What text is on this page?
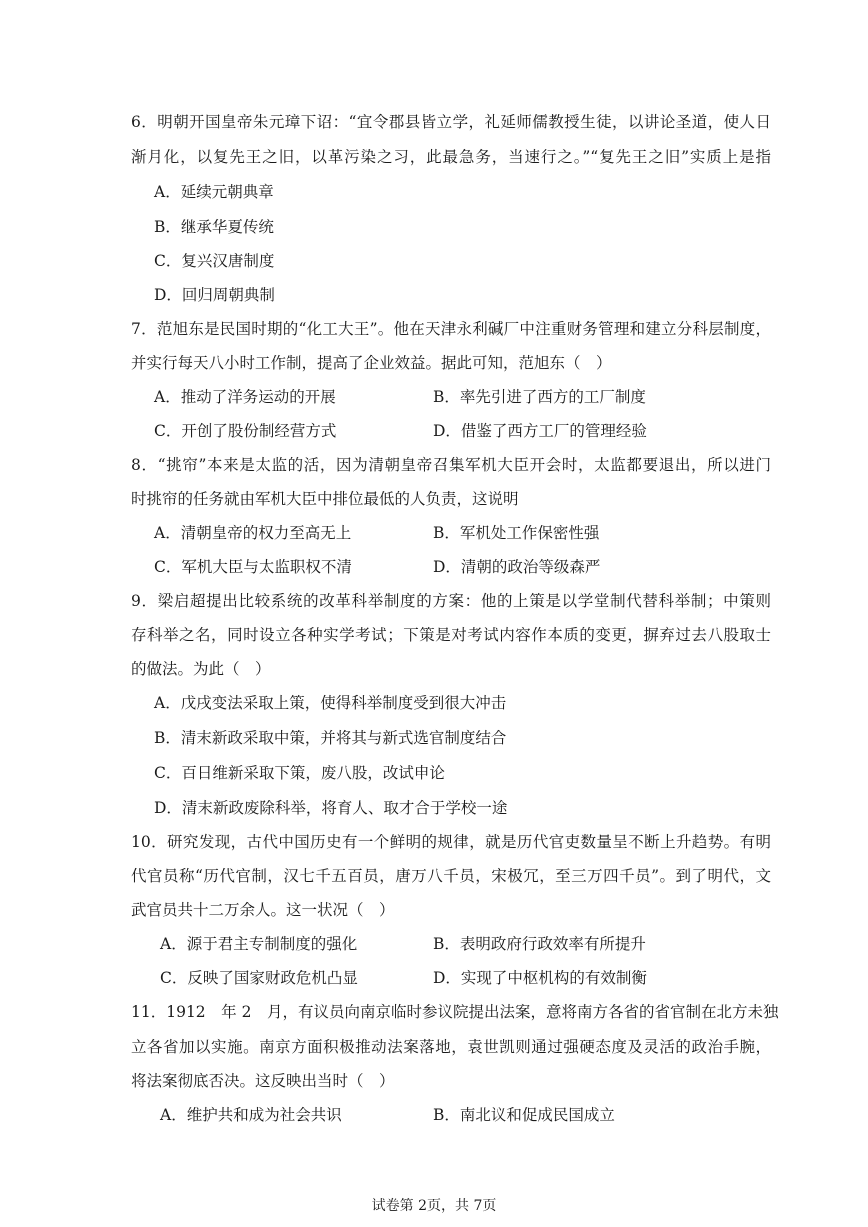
6．明朝开国皇帝朱元璋下诏：“宜令郡县皆立学，礼延师儒教授生徒，以讲论圣道，使人日
渐月化，以复先王之旧，以革污染之习，此最急务，当速行之。”“复先王之旧”实质上是指
A．延续元朝典章
B．继承华夏传统
C．复兴汉唐制度
D．回归周朝典制
7．范旭东是民国时期的“化工大王”。他在天津永利碱厂中注重财务管理和建立分科层制度，
并实行每天八小时工作制，提高了企业效益。据此可知，范旭东（　）
A．推动了洋务运动的开展	B．率先引进了西方的工厂制度
C．开创了股份制经营方式	D．借鉴了西方工厂的管理经验
8．“挑帘”本来是太监的活，因为清朝皇帝召集军机大臣开会时，太监都要退出，所以进门
时挑帘的任务就由军机大臣中排位最低的人负责，这说明
A．清朝皇帝的权力至高无上	B．军机处工作保密性强
C．军机大臣与太监职权不清	D．清朝的政治等级森严
9．梁启超提出比较系统的改革科举制度的方案：他的上策是以学堂制代替科举制；中策则
存科举之名，同时设立各种实学考试；下策是对考试内容作本质的变更，摒弃过去八股取士
的做法。为此（　）
A．戊戌变法采取上策，使得科举制度受到很大冲击
B．清末新政采取中策，并将其与新式选官制度结合
C．百日维新采取下策，废八股，改试申论
D．清末新政废除科举，将育人、取才合于学校一途
10．研究发现，古代中国历史有一个鲜明的规律，就是历代官吏数量呈不断上升趋势。有明
代官员称“历代官制，汉七千五百员，唐万八千员，宋极冗，至三万四千员”。到了明代，文
武官员共十二万余人。这一状况（　）
A．源于君主专制制度的强化	B．表明政府行政效率有所提升
C．反映了国家财政危机凸显	D．实现了中枢机构的有效制衡
11．1912　年 2　月，有议员向南京临时参议院提出法案，意将南方各省的省官制在北方未独
立各省加以实施。南京方面积极推动法案落地，袁世凯则通过强硬态度及灵活的政治手腕，
将法案彻底否决。这反映出当时（　）
A．维护共和成为社会共识	B．南北议和促成民国成立
试卷第 2页，共 7页
